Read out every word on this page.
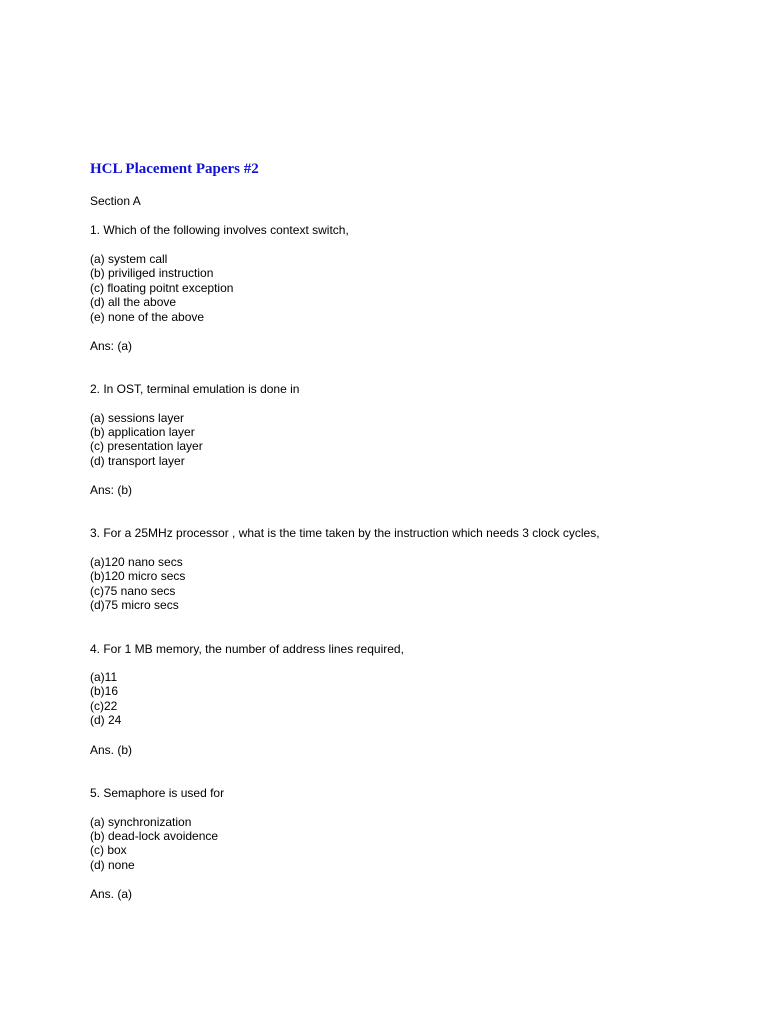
HCL Placement Papers #2
Section A
1. Which of the following involves context switch,
(a) system call
(b) priviliged instruction
(c) floating poitnt exception
(d) all the above
(e) none of the above
Ans: (a)
2. In OST, terminal emulation is done in
(a) sessions layer
(b) application layer
(c) presentation layer
(d) transport layer
Ans: (b)
3. For a 25MHz processor , what is the time taken by the instruction which needs 3 clock cycles,
(a)120 nano secs
(b)120 micro secs
(c)75 nano secs
(d)75 micro secs
4. For 1 MB memory, the number of address lines required,
(a)11
(b)16
(c)22
(d) 24
Ans. (b)
5. Semaphore is used for
(a) synchronization
(b) dead-lock avoidence
(c) box
(d) none
Ans. (a)
